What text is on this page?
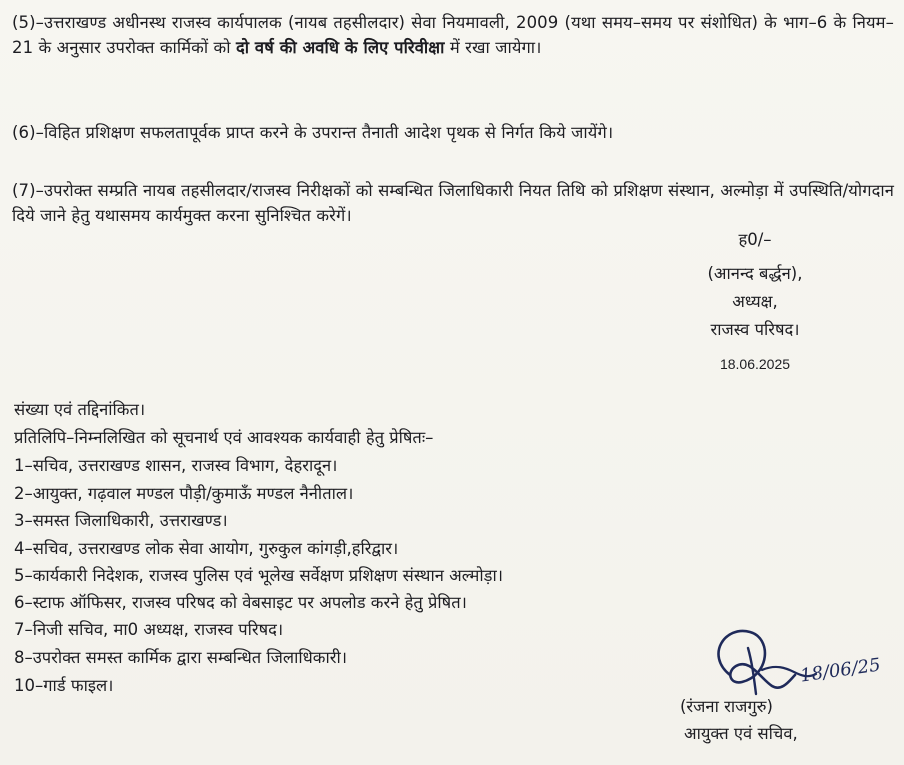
(5)–उत्तराखण्ड अधीनस्थ राजस्व कार्यपालक (नायब तहसीलदार) सेवा नियमावली, 2009 (यथा समय–समय पर संशोधित) के भाग–6 के नियम–21 के अनुसार उपरोक्त कार्मिकों को दो वर्ष की अवधि के लिए परिवीक्षा में रखा जायेगा।
(6)–विहित प्रशिक्षण सफलतापूर्वक प्राप्त करने के उपरान्त तैनाती आदेश पृथक से निर्गत किये जायेंगे।
(7)–उपरोक्त सम्प्रति नायब तहसीलदार/राजस्व निरीक्षकों को सम्बन्धित जिलाधिकारी नियत तिथि को प्रशिक्षण संस्थान, अल्मोड़ा में उपस्थिति/योगदान दिये जाने हेतु यथासमय कार्यमुक्त करना सुनिश्चित करेगें।
ह0/–
(आनन्द बर्द्धन),
अध्यक्ष,
राजस्व परिषद।
18.06.2025
संख्या एवं तद्दिनांकित।
प्रतिलिपि–निम्नलिखित को सूचनार्थ एवं आवश्यक कार्यवाही हेतु प्रेषितः–
1–सचिव, उत्तराखण्ड शासन, राजस्व विभाग, देहरादून।
2–आयुक्त, गढ़वाल मण्डल पौड़ी/कुमाऊँ मण्डल नैनीताल।
3–समस्त जिलाधिकारी, उत्तराखण्ड।
4–सचिव, उत्तराखण्ड लोक सेवा आयोग, गुरुकुल कांगड़ी,हरिद्वार।
5–कार्यकारी निदेशक, राजस्व पुलिस एवं भूलेख सर्वेक्षण प्रशिक्षण संस्थान अल्मोड़ा।
6–स्टाफ ऑफिसर, राजस्व परिषद को वेबसाइट पर अपलोड करने हेतु प्रेषित।
7–निजी सचिव, मा0 अध्यक्ष, राजस्व परिषद।
8–उपरोक्त समस्त कार्मिक द्वारा सम्बन्धित जिलाधिकारी।
10–गार्ड फाइल।	18/06/25
(रंजना राजगुरु)
आयुक्त एवं सचिव,
